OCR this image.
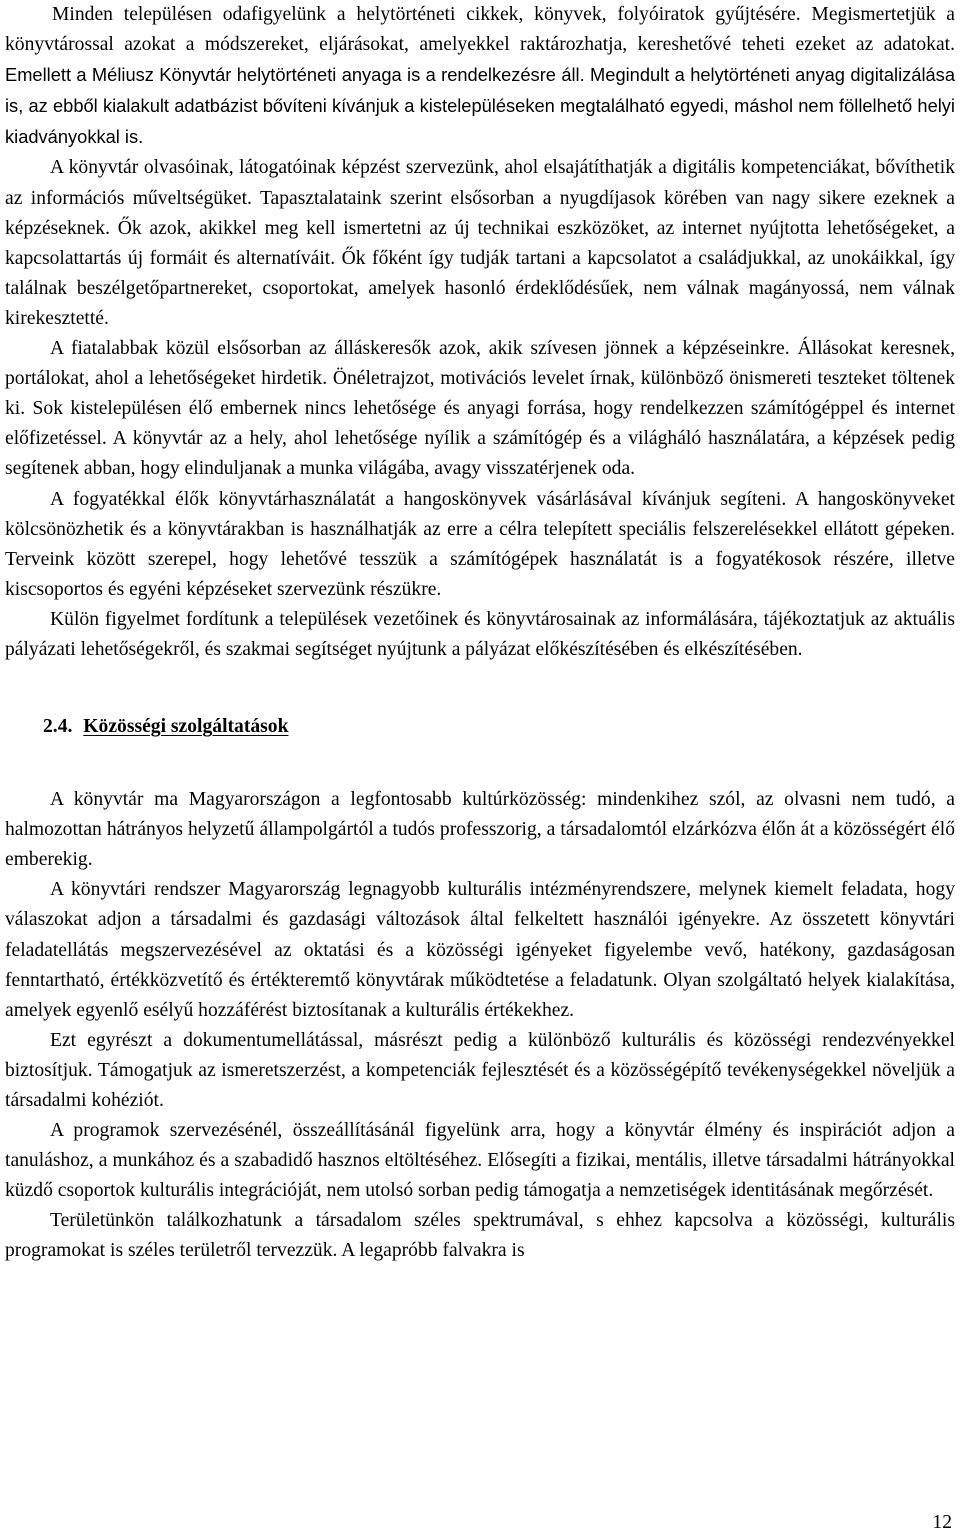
Minden településen odafigyelünk a helytörténeti cikkek, könyvek, folyóiratok gyűjtésére. Megismertetjük a könyvtárossal azokat a módszereket, eljárásokat, amelyekkel raktározhatja, kereshetővé teheti ezeket az adatokat. Emellett a Méliusz Könyvtár helytörténeti anyaga is a rendelkezésre áll. Megindult a helytörténeti anyag digitalizálása is, az ebből kialakult adatbázist bővíteni kívánjuk a kistelepüléseken megtalálható egyedi, máshol nem föllelhető helyi kiadványokkal is.

A könyvtár olvasóinak, látogatóinak képzést szervezünk, ahol elsajátíthatják a digitális kompetenciákat, bővíthetik az információs műveltségüket. Tapasztalataink szerint elsősorban a nyugdíjasok körében van nagy sikere ezeknek a képzéseknek. Ők azok, akikkel meg kell ismertetni az új technikai eszközöket, az internet nyújtotta lehetőségeket, a kapcsolattartás új formáit és alternatíváit. Ők főként így tudják tartani a kapcsolatot a családjukkal, az unokáikkal, így találnak beszélgetőpartnereket, csoportokat, amelyek hasonló érdeklődésűek, nem válnak magányossá, nem válnak kirekesztetté.

A fiatalabbak közül elsősorban az álláskeresők azok, akik szívesen jönnek a képzéseinkre. Állásokat keresnek, portálokat, ahol a lehetőségeket hirdetik. Önéletrajzot, motivációs levelet írnak, különböző önismereti teszteket töltenek ki. Sok kistelepülésen élő embernek nincs lehetősége és anyagi forrása, hogy rendelkezzen számítógéppel és internet előfizetéssel. A könyvtár az a hely, ahol lehetősége nyílik a számítógép és a világháló használatára, a képzések pedig segítenek abban, hogy elinduljanak a munka világába, avagy visszatérjenek oda.

A fogyatékkal élők könyvtárhasználatát a hangoskönyvek vásárlásával kívánjuk segíteni. A hangoskönyveket kölcsönözhetik és a könyvtárakban is használhatják az erre a célra telepített speciális felszerelésekkel ellátott gépeken. Terveink között szerepel, hogy lehetővé tesszük a számítógépek használatát is a fogyatékosok részére, illetve kiscsoportos és egyéni képzéseket szervezünk részükre.

Külön figyelmet fordítunk a települések vezetőinek és könyvtárosainak az informálására, tájékoztatjuk az aktuális pályázati lehetőségekről, és szakmai segítséget nyújtunk a pályázat előkészítésében és elkészítésében.

2.4. Közösségi szolgáltatások

A könyvtár ma Magyarországon a legfontosabb kultúrközösség: mindenkihez szól, az olvasni nem tudó, a halmozottan hátrányos helyzetű állampolgártól a tudós professzorig, a társadalomtól elzárkózva élőn át a közösségért élő emberekig.

A könyvtári rendszer Magyarország legnagyobb kulturális intézményrendszere, melynek kiemelt feladata, hogy válaszokat adjon a társadalmi és gazdasági változások által felkeltett használói igényekre. Az összetett könyvtári feladatellátás megszervezésével az oktatási és a közösségi igényeket figyelembe vevő, hatékony, gazdaságosan fenntartható, értékközvetítő és értékteremtő könyvtárak működtetése a feladatunk. Olyan szolgáltató helyek kialakítása, amelyek egyenlő esélyű hozzáférést biztosítanak a kulturális értékekhez.

Ezt egyrészt a dokumentumellátással, másrészt pedig a különböző kulturális és közösségi rendezvényekkel biztosítjuk. Támogatjuk az ismeretszerzést, a kompetenciák fejlesztését és a közösségépítő tevékenységekkel növeljük a társadalmi kohéziót.

A programok szervezésénél, összeállításánál figyelünk arra, hogy a könyvtár élmény és inspirációt adjon a tanuláshoz, a munkához és a szabadidő hasznos eltöltéséhez. Elősegíti a fizikai, mentális, illetve társadalmi hátrányokkal küzdő csoportok kulturális integrációját, nem utolsó sorban pedig támogatja a nemzetiségek identitásának megőrzését.

Területünkön találkozhatunk a társadalom széles spektrumával, s ehhez kapcsolva a közösségi, kulturális programokat is széles területről tervezzük. A legapróbb falvakra is

12
